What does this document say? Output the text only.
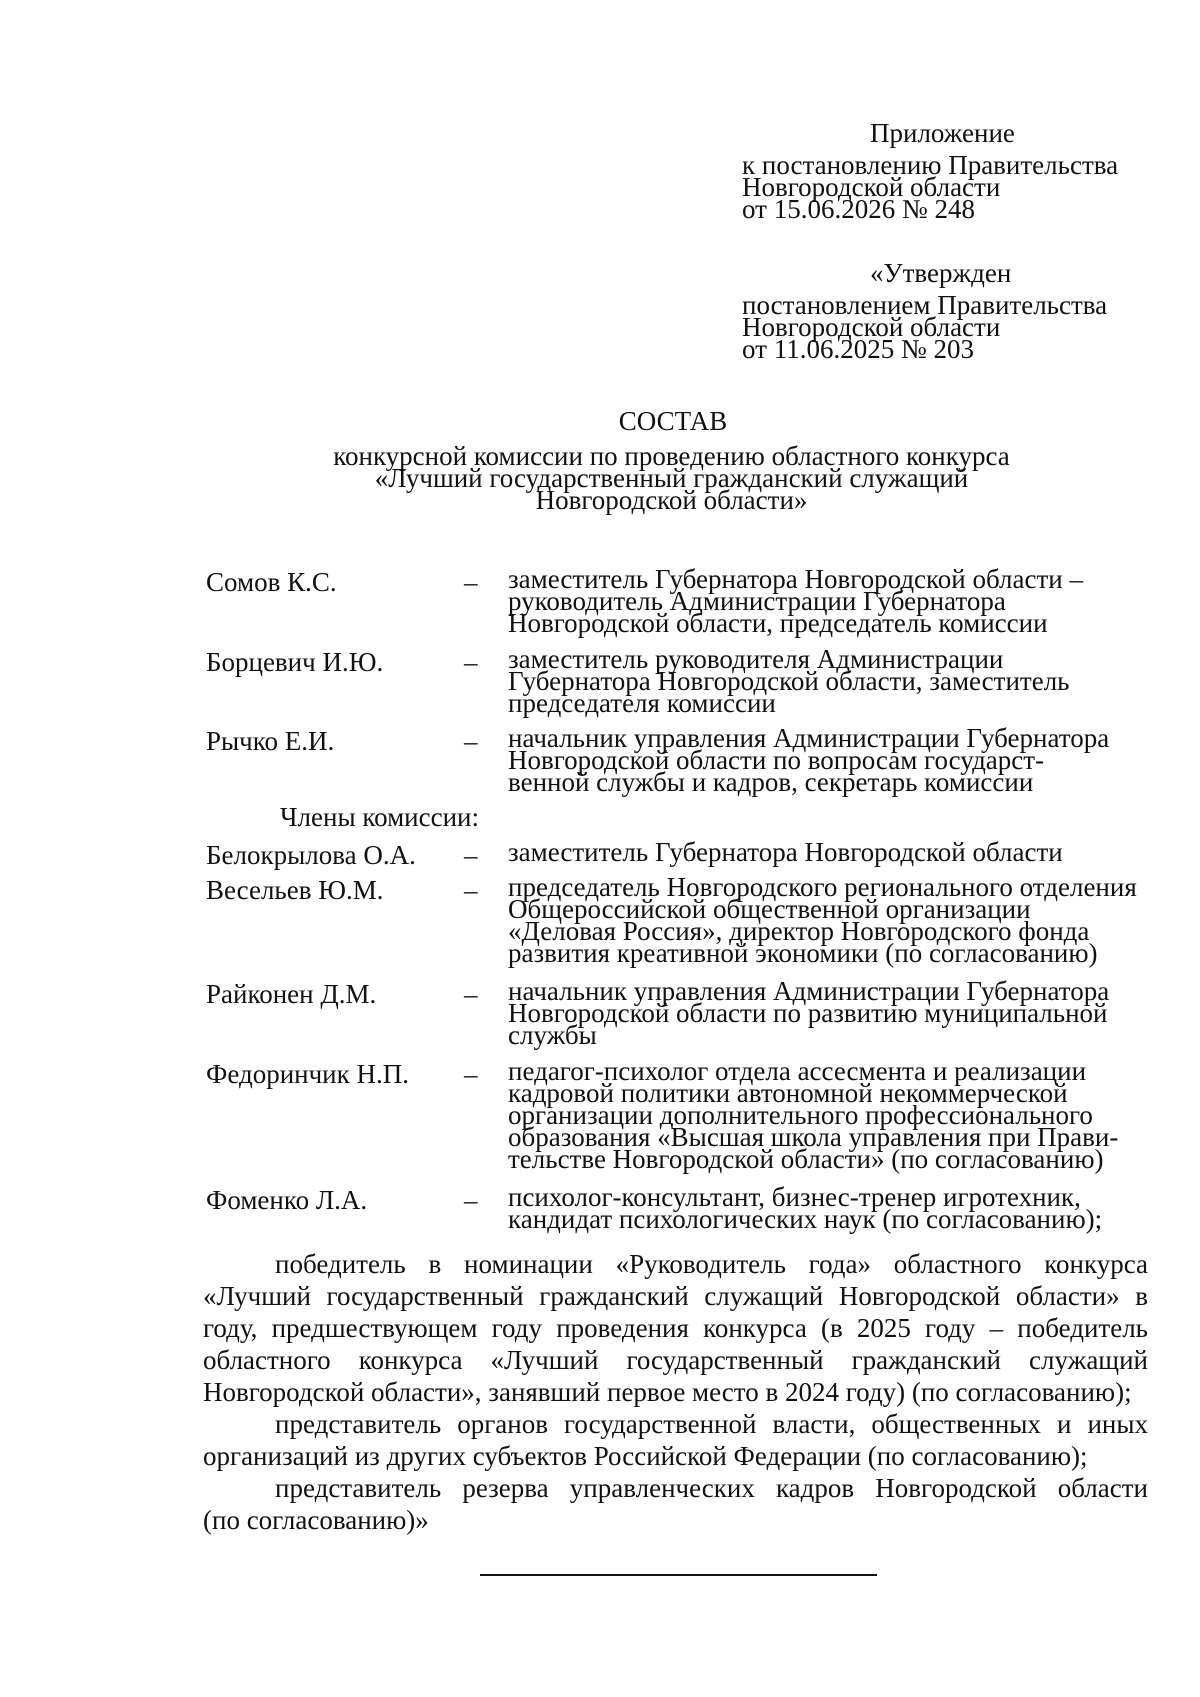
Приложение
к постановлению Правительства
Новгородской области
от 15.06.2026 № 248
«Утвержден
постановлением Правительства
Новгородской области
от 11.06.2025 № 203
СОСТАВ
конкурсной комиссии по проведению областного конкурса
«Лучший государственный гражданский служащий
Новгородской области»
Сомов К.С.	– заместитель Губернатора Новгородской области –
руководитель Администрации Губернатора
Новгородской области, председатель комиссии
Борцевич И.Ю.	– заместитель руководителя Администрации
Губернатора Новгородской области, заместитель
председателя комиссии
Рычко Е.И.	– начальник управления Администрации Губернатора
Новгородской области по вопросам государст-
венной службы и кадров, секретарь комиссии
Члены комиссии:
Белокрылова О.А. – заместитель Губернатора Новгородской области
Весельев Ю.М.	– председатель Новгородского регионального отделения
Общероссийской общественной организации
«Деловая Россия», директор Новгородского фонда
развития креативной экономики (по согласованию)
Райконен Д.М.	– начальник управления Администрации Губернатора
Новгородской области по развитию муниципальной
службы
Федоринчик Н.П. – педагог-психолог отдела ассесмента и реализации
кадровой политики автономной некоммерческой
организации дополнительного профессионального
образования «Высшая школа управления при Прави-
тельстве Новгородской области» (по согласованию)
Фоменко Л.А.	– психолог-консультант, бизнес-тренер игротехник,
кандидат психологических наук (по согласованию);
победитель в номинации «Руководитель года» областного конкурса
«Лучший государственный гражданский служащий Новгородской области» в
году, предшествующем году проведения конкурса (в 2025 году – победитель
областного конкурса «Лучший государственный гражданский служащий
Новгородской области», занявший первое место в 2024 году) (по согласованию);
представитель органов государственной власти, общественных и иных
организаций из других субъектов Российской Федерации (по согласованию);
представитель резерва управленческих кадров Новгородской области
(по согласованию)»
